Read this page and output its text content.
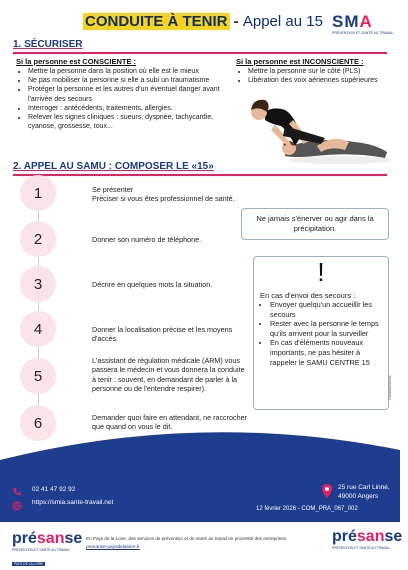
CONDUITE À TENIR - Appel au 15 SMA
PRÉVENTION ET SANTÉ AU TRAVAIL
1. SÉCURISER
Si la personne est CONSCIENTE :
• Mettre la personne dans la position où elle est le mieux
• Ne pas mobiliser la personne si elle a subi un traumatisme
• Protéger la personne et les autres d'un éventuel danger avant l'arrivée des secours
• Interroger : antécédents, traitements, allergies.
• Relever les signes cliniques : sueurs, dyspnée, tachycardie, cyanose, grossesse, toux...
Si la personne est INCONSCIENTE :
• Mettre la personne sur le côté (PLS)
• Libération des voix aériennes supérieures
2. APPEL AU SAMU : COMPOSER LE «15»
1	Se présenter
Préciser si vous êtes professionnel de santé.
2	Donner son numéro de téléphone.
3	Décrire en quelques mots la situation.
4	Donner la localisation précise et les moyens d'accès.
5
L'assistant de régulation médicale (ARM) vous passera le médecin et vous donnera la conduite à tenir : souvent, en demandant de parler à la personne ou de l'entendre respirer).
6	Demander quoi faire en attendant, ne raccrocher que quand on vous le dit.
Ne jamais s'énerver ou agir dans la précipitation.
!
En cas d'envoi des secours :
• Envoyer quelqu'un accueillir les secours
• Rester avec la personne le temps qu'ils arrivent pour la surveiller
• En cas d'éléments nouveaux importants, ne pas hésiter à rappeler le SAMU CENTRE 15
©AdobeStock
02 41 47 92 92
https://smia.sante-travail.net
25 rue Carl Linné,
49000 Angers
12 février 2026 - COM_PRA_067_002
présanse
PRÉVENTION ET SANTÉ AU TRAVAIL
PAYS DE LA LOIRE
En Pays de la Loire, des services de prévention et de santé au travail en proximité des entreprises.
presanse-paysdelaloire.fr
présanse
PRÉVENTION ET SANTÉ AU TRAVAIL
